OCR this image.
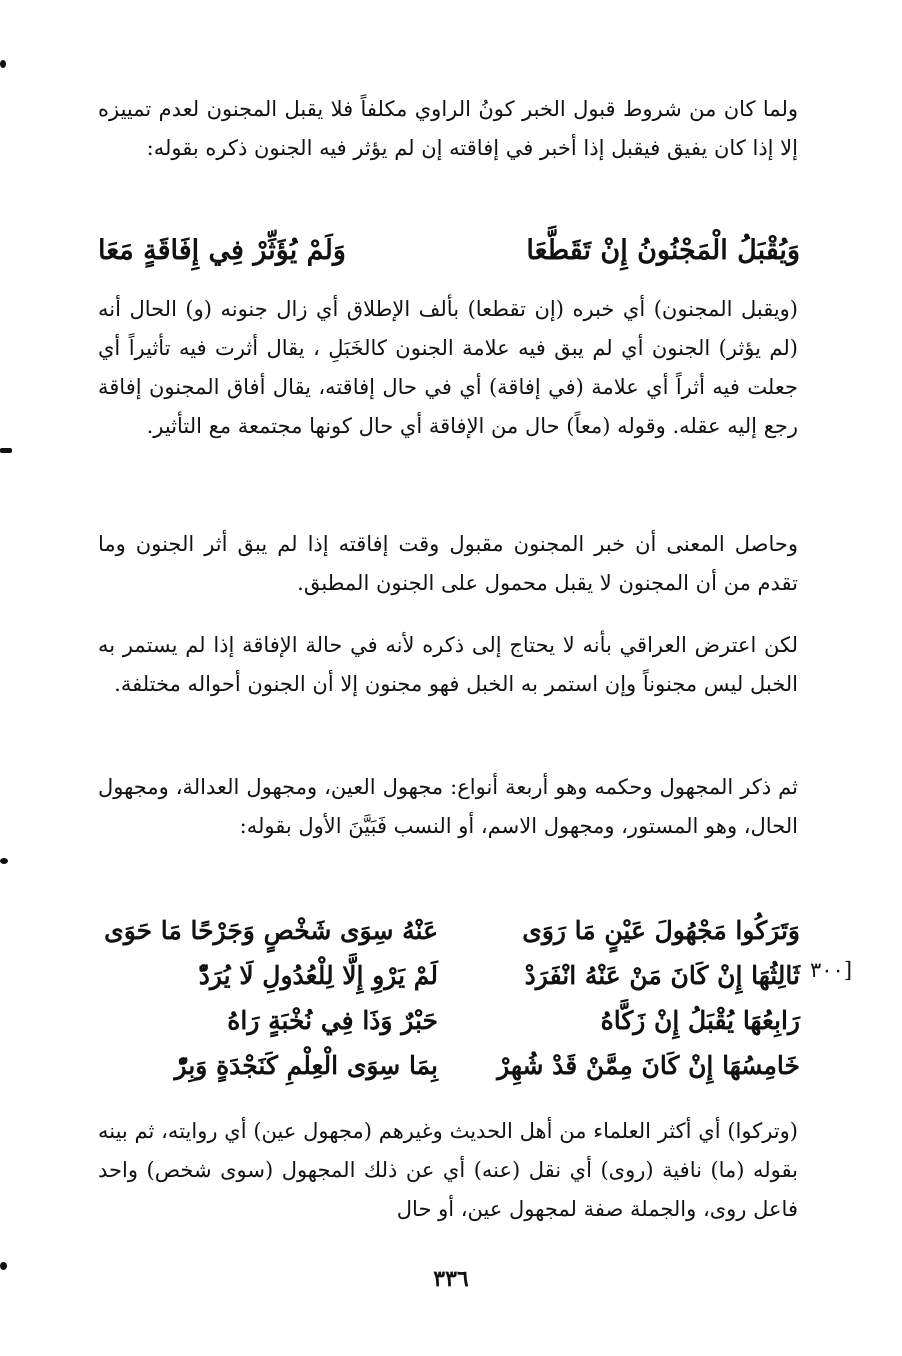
ولما كان من شروط قبول الخبر كونُ الراوي مكلفاً فلا يقبل المجنون لعدم تمييزه إلا إذا كان يفيق فيقبل إذا أخبر في إفاقته إن لم يؤثر فيه الجنون ذكره بقوله:
وَيُقْبَلُ الْمَجْنُونُ إِنْ تَقَطَّعَا
وَلَمْ يُؤَثِّرْ فِي إِفَاقَةٍ مَعَا
(ويقبل المجنون) أي خبره (إن تقطعا) بألف الإطلاق أي زال جنونه (و) الحال أنه (لم يؤثر) الجنون أي لم يبق فيه علامة الجنون كالخَبَلِ ، يقال أثرت فيه تأثيراً أي جعلت فيه أثراً أي علامة (في إفاقة) أي في حال إفاقته، يقال أفاق المجنون إفاقة رجع إليه عقله. وقوله (معاً) حال من الإفاقة أي حال كونها مجتمعة مع التأثير.
وحاصل المعنى أن خبر المجنون مقبول وقت إفاقته إذا لم يبق أثر الجنون وما تقدم من أن المجنون لا يقبل محمول على الجنون المطبق.
لكن اعترض العراقي بأنه لا يحتاج إلى ذكره لأنه في حالة الإفاقة إذا لم يستمر به الخبل ليس مجنوناً وإن استمر به الخبل فهو مجنون إلا أن الجنون أحواله مختلفة.
ثم ذكر المجهول وحكمه وهو أربعة أنواع: مجهول العين، ومجهول العدالة، ومجهول الحال، وهو المستور، ومجهول الاسم، أو النسب فَبَيَّنَ الأول بقوله:
وَتَرَكُوا مَجْهُولَ عَيْنٍ مَا رَوَى
عَنْهُ سِوَى شَخْصٍ وَجَرْحًا مَا حَوَى
ثَالِثُهَا إِنْ كَانَ مَنْ عَنْهُ انْفَرَدْ
لَمْ يَرْوِ إِلَّا لِلْعُدُولِ لَا يُرَدّْ
رَابِعُهَا يُقْبَلُ إِنْ زَكَّاهُ
حَبْرٌ وَذَا فِي نُخْبَةٍ رَاهُ
خَامِسُهَا إِنْ كَانَ مِمَّنْ قَدْ شُهِرْ
بِمَا سِوَى الْعِلْمِ كَنَجْدَةٍ وَبِرّْ
[٣٠٠
(وتركوا) أي أكثر العلماء من أهل الحديث وغيرهم (مجهول عين) أي روايته، ثم بينه بقوله (ما) نافية (روى) أي نقل (عنه) أي عن ذلك المجهول (سوى شخص) واحد فاعل روى، والجملة صفة لمجهول عين، أو حال
٣٣٦
